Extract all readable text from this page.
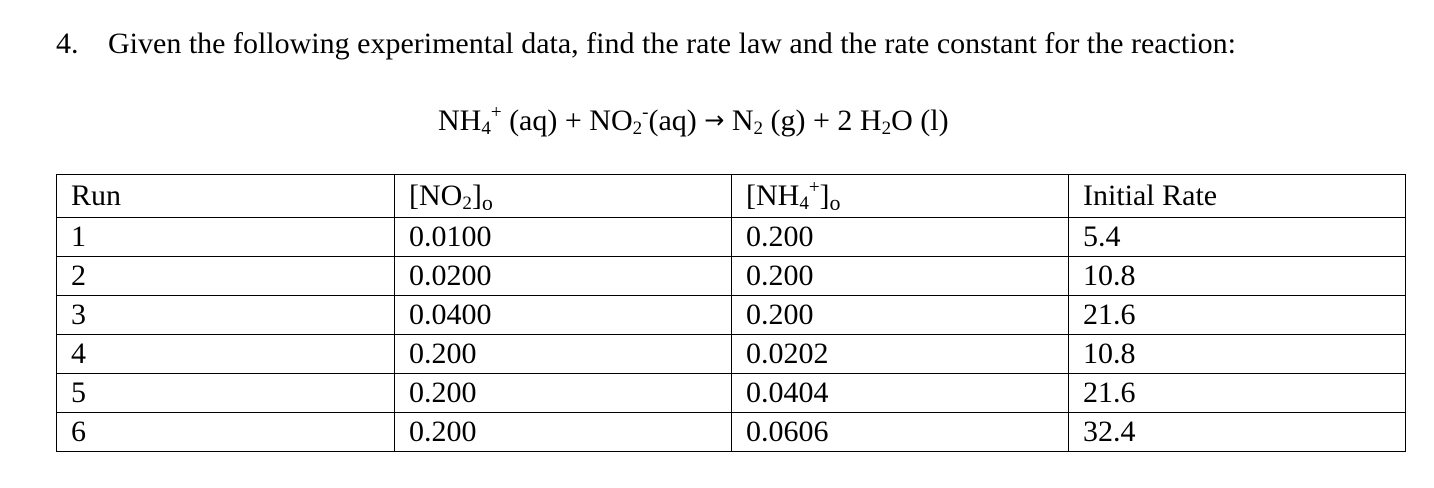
4. Given the following experimental data, find the rate law and the rate constant for the reaction:
$NH_4^+$ $(aq) + NO_2^-(aq) \to N_2$ (g) + 2 $H_2O$ (l)
Run	[NO2]o	[NH4+]o	Initial Rate
1	0.0100	0.200	5.4
2	0.0200	0.200	10.8
3	0.0400	0.200	21.6
4	0.200	0.0202	10.8
5	0.200	0.0404	21.6
6	0.200	0.0606	32.4
